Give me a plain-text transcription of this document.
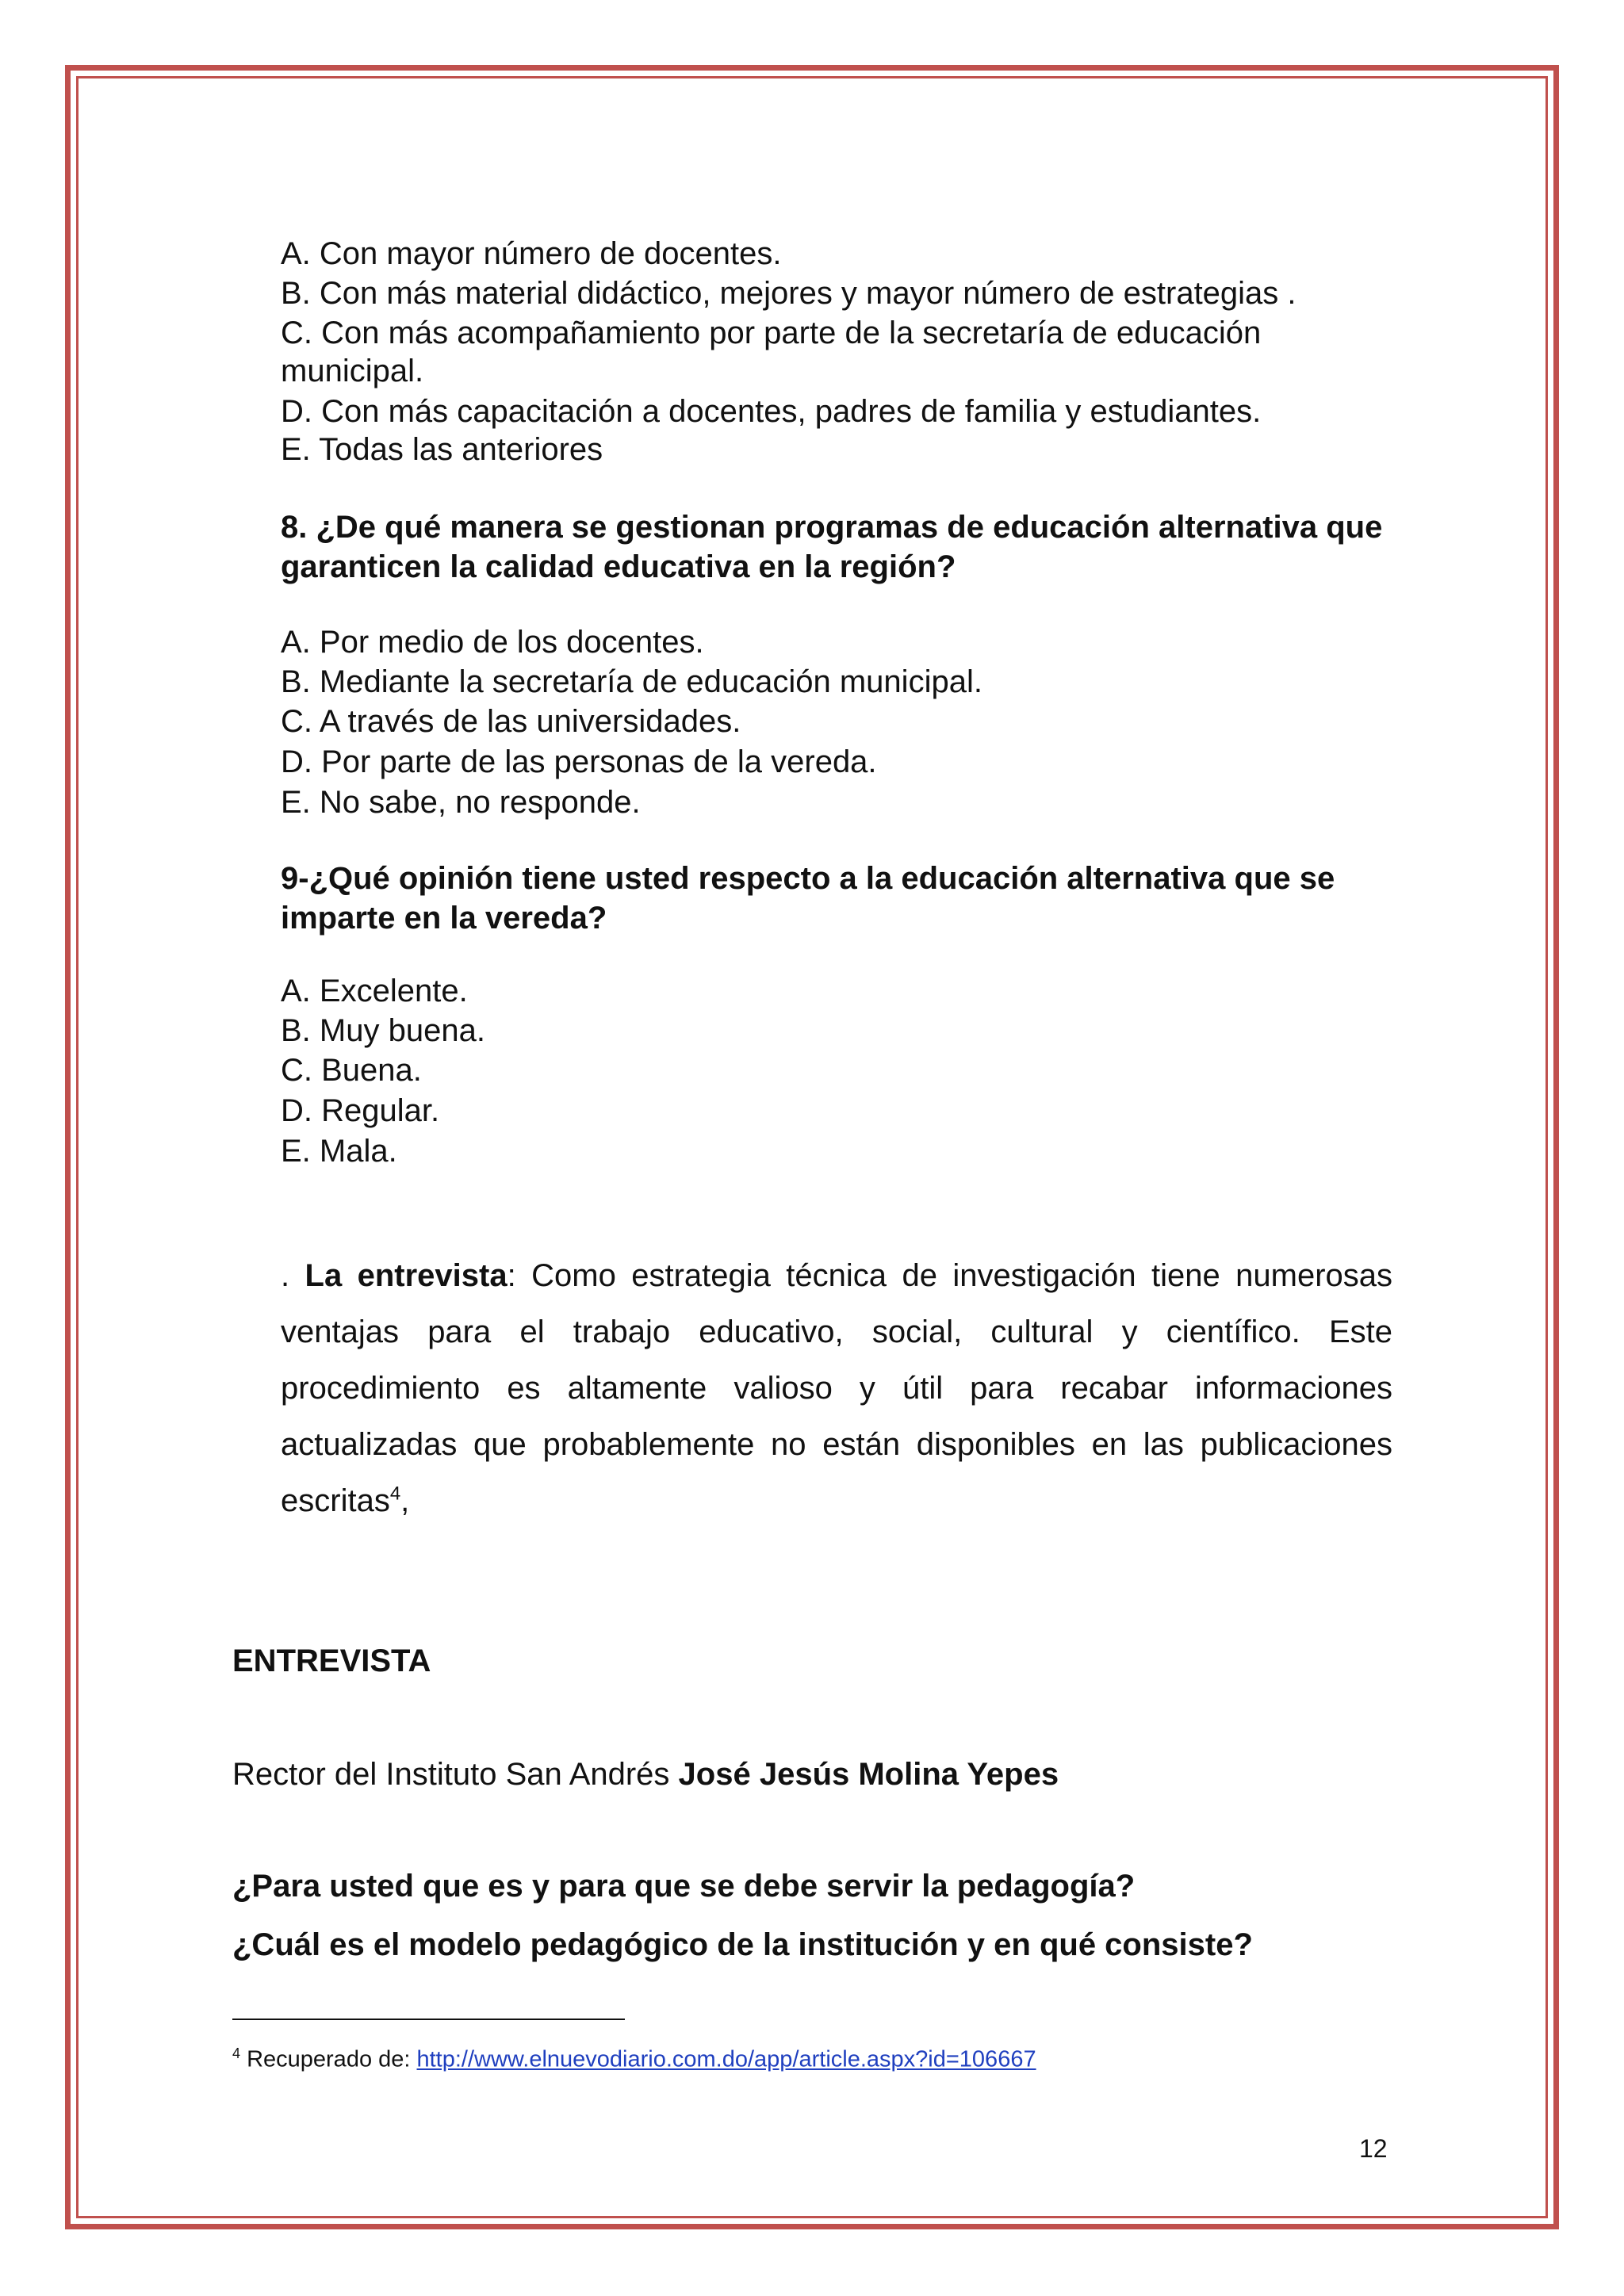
A. Con mayor número de docentes.
B. Con más material didáctico, mejores y mayor número de estrategias .
C. Con más acompañamiento por parte de la secretaría de educación municipal.
D. Con más capacitación a docentes, padres de familia y estudiantes.
E. Todas las anteriores
8. ¿De qué manera se gestionan programas de educación alternativa que garanticen la calidad educativa en la región?
A. Por medio de los docentes.
B. Mediante la secretaría de educación municipal.
C. A través de las universidades.
D. Por parte de las personas de la vereda.
E. No sabe, no responde.
9-¿Qué opinión tiene usted respecto a la educación alternativa que se imparte en la vereda?
A. Excelente.
B. Muy buena.
C. Buena.
D. Regular.
E. Mala.

. La entrevista: Como estrategia técnica de investigación tiene numerosas ventajas para el trabajo educativo, social, cultural y científico. Este procedimiento es altamente valioso y útil para recabar informaciones actualizadas que probablemente no están disponibles en las publicaciones escritas$^4$,

ENTREVISTA
Rector del Instituto San Andrés José Jesús Molina Yepes
¿Para usted que es y para que se debe servir la pedagogía?
¿Cuál es el modelo pedagógico de la institución y en qué consiste?
$^4$ Recuperado de: http://www.elnuevodiario.com.do/app/article.aspx?id=106667
12
